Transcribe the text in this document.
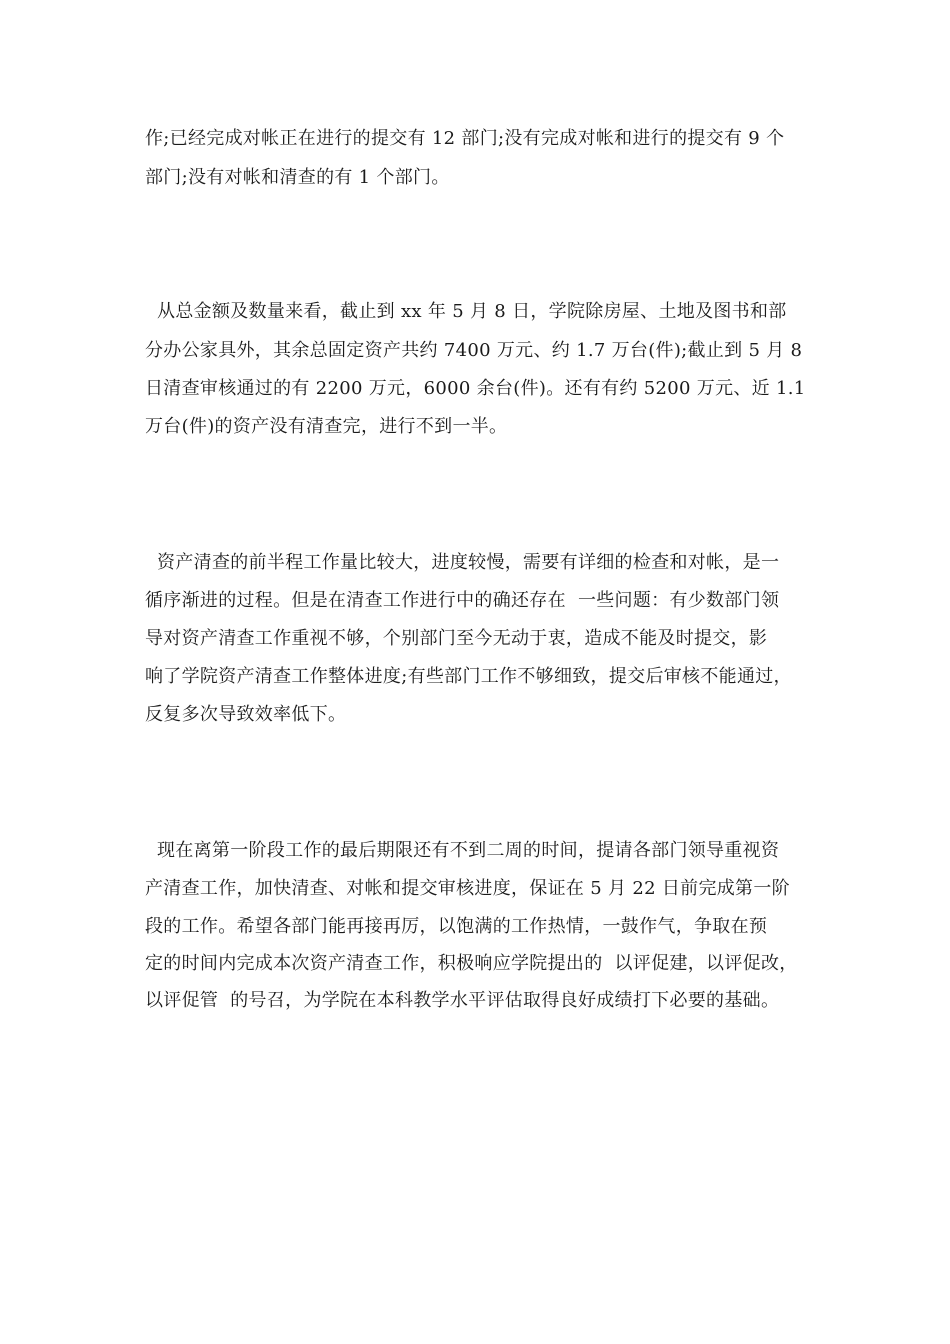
作;已经完成对帐正在进行的提交有 12 部门;没有完成对帐和进行的提交有 9 个
部门;没有对帐和清查的有 1 个部门。
从总金额及数量来看，截止到 xx 年 5 月 8 日，学院除房屋、土地及图书和部
分办公家具外，其余总固定资产共约 7400 万元、约 1.7 万台(件);截止到 5 月 8
日清查审核通过的有 2200 万元，6000 余台(件)。还有有约 5200 万元、近 1.1
万台(件)的资产没有清查完，进行不到一半。
资产清查的前半程工作量比较大，进度较慢，需要有详细的检查和对帐，是一
循序渐进的过程。但是在清查工作进行中的确还存在  一些问题：有少数部门领
导对资产清查工作重视不够，个别部门至今无动于衷，造成不能及时提交，影
响了学院资产清查工作整体进度;有些部门工作不够细致，提交后审核不能通过，
反复多次导致效率低下。
现在离第一阶段工作的最后期限还有不到二周的时间，提请各部门领导重视资
产清查工作，加快清查、对帐和提交审核进度，保证在 5 月 22 日前完成第一阶
段的工作。希望各部门能再接再厉，以饱满的工作热情，一鼓作气，争取在预
定的时间内完成本次资产清查工作，积极响应学院提出的  以评促建，以评促改，
以评促管  的号召，为学院在本科教学水平评估取得良好成绩打下必要的基础。
